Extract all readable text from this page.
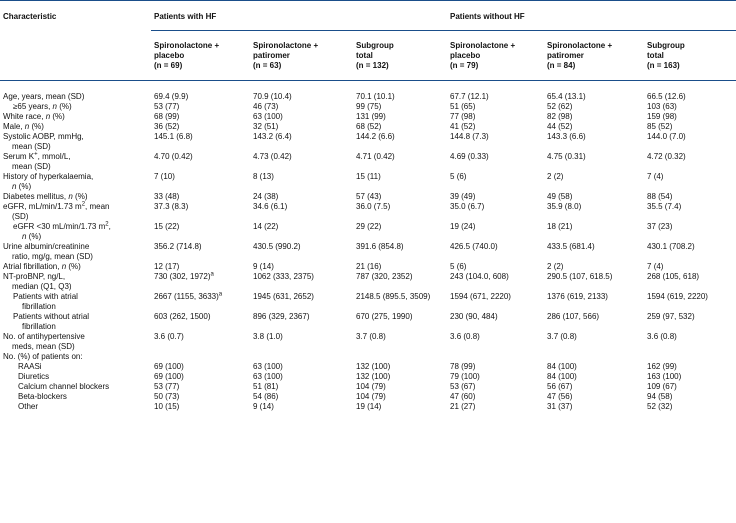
Characteristic	Patients with HF			Patients without HF		
	Spironolactone +
placebo
(n = 69)	Spironolactone +
patiromer
(n = 63)	Subgroup
total
(n = 132)	Spironolactone +
placebo
(n = 79)	Spironolactone +
patiromer
(n = 84)	Subgroup
total
(n = 163)
Age, years, mean (SD)	69.4 (9.9)	70.9 (10.4)	70.1 (10.1)	67.7 (12.1)	65.4 (13.1)	66.5 (12.6)
≥65 years, n (%)	53 (77)	46 (73)	99 (75)	51 (65)	52 (62)	103 (63)
White race, n (%)	68 (99)	63 (100)	131 (99)	77 (98)	82 (98)	159 (98)
Male, n (%)	36 (52)	32 (51)	68 (52)	41 (52)	44 (52)	85 (52)
Systolic AOBP, mmHg,
mean (SD)	145.1 (6.8)	143.2 (6.4)	144.2 (6.6)	144.8 (7.3)	143.3 (6.6)	144.0 (7.0)
Serum K+, mmol/L,
mean (SD)	4.70 (0.42)	4.73 (0.42)	4.71 (0.42)	4.69 (0.33)	4.75 (0.31)	4.72 (0.32)
History of hyperkalaemia,
n (%)	7 (10)	8 (13)	15 (11)	5 (6)	2 (2)	7 (4)
Diabetes mellitus, n (%)	33 (48)	24 (38)	57 (43)	39 (49)	49 (58)	88 (54)
eGFR, mL/min/1.73 $m^2$, mean
(SD)	37.3 (8.3)	34.6 (6.1)	36.0 (7.5)	35.0 (6.7)	35.9 (8.0)	35.5 (7.4)
eGFR <30 mL/min/1.73 $m^2$,
n (%)	15 (22)	14 (22)	29 (22)	19 (24)	18 (21)	37 (23)
Urine albumin/creatinine
ratio, mg/g, mean (SD)	356.2 (714.8)	430.5 (990.2)	391.6 (854.8)	426.5 (740.0)	433.5 (681.4)	430.1 (708.2)
Atrial fibrillation, n (%)	12 (17)	9 (14)	21 (16)	5 (6)	2 (2)	7 (4)
NT-proBNP, ng/L,
median (Q1, Q3)	730 (302, 1972)$^a$	1062 (333, 2375)	787 (320, 2352)	243 (104.0, 608)	290.5 (107, 618.5)	268 (105, 618)
Patients with atrial
fibrillation	2667 (1155, 3633)$^a$	1945 (631, 2652)	2148.5 (895.5, 3509)	1594 (671, 2220)	1376 (619, 2133)	1594 (619, 2220)
Patients without atrial
fibrillation	603 (262, 1500)	896 (329, 2367)	670 (275, 1990)	230 (90, 484)	286 (107, 566)	259 (97, 532)
No. of antihypertensive
meds, mean (SD)	3.6 (0.7)	3.8 (1.0)	3.7 (0.8)	3.6 (0.8)	3.7 (0.8)	3.6 (0.8)
No. (%) of patients on:						
RAASi	69 (100)	63 (100)	132 (100)	78 (99)	84 (100)	162 (99)
Diuretics	69 (100)	63 (100)	132 (100)	79 (100)	84 (100)	163 (100)
Calcium channel blockers	53 (77)	51 (81)	104 (79)	53 (67)	56 (67)	109 (67)
Beta-blockers	50 (73)	54 (86)	104 (79)	47 (60)	47 (56)	94 (58)
Other	10 (15)	9 (14)	19 (14)	21 (27)	31 (37)	52 (32)
